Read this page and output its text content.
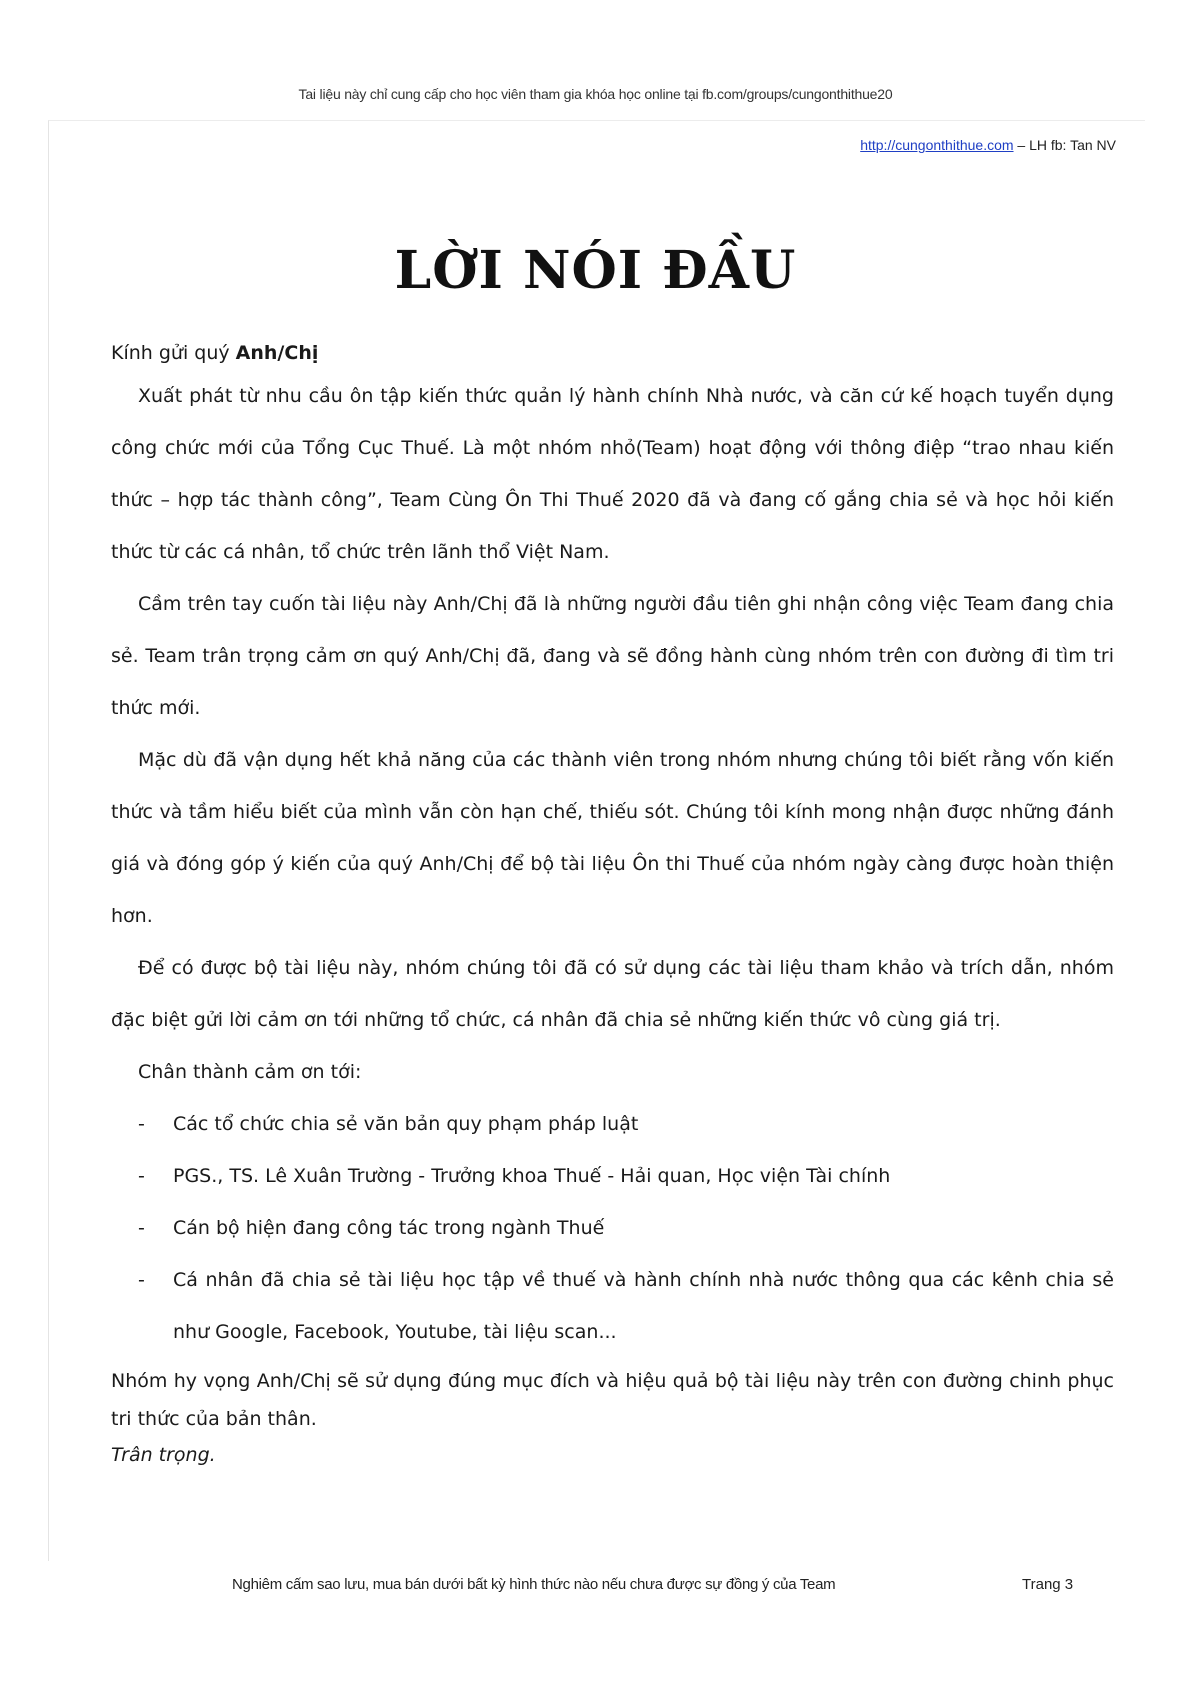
Tai liệu này chỉ cung cấp cho học viên tham gia khóa học online tại fb.com/groups/cungonthithue20
http://cungonthithue.com – LH fb: Tan NV
LỜI NÓI ĐẦU
Kính gửi quý Anh/Chị

Xuất phát từ nhu cầu ôn tập kiến thức quản lý hành chính Nhà nước, và căn cứ kế hoạch tuyển dụng công chức mới của Tổng Cục Thuế. Là một nhóm nhỏ(Team) hoạt động với thông điệp “trao nhau kiến thức – hợp tác thành công”, Team Cùng Ôn Thi Thuế 2020 đã và đang cố gắng chia sẻ và học hỏi kiến thức từ các cá nhân, tổ chức trên lãnh thổ Việt Nam.

Cầm trên tay cuốn tài liệu này Anh/Chị đã là những người đầu tiên ghi nhận công việc Team đang chia sẻ. Team trân trọng cảm ơn quý Anh/Chị đã, đang và sẽ đồng hành cùng nhóm trên con đường đi tìm tri thức mới.

Mặc dù đã vận dụng hết khả năng của các thành viên trong nhóm nhưng chúng tôi biết rằng vốn kiến thức và tầm hiểu biết của mình vẫn còn hạn chế, thiếu sót. Chúng tôi kính mong nhận được những đánh giá và đóng góp ý kiến của quý Anh/Chị để bộ tài liệu Ôn thi Thuế của nhóm ngày càng được hoàn thiện hơn.

Để có được bộ tài liệu này, nhóm chúng tôi đã có sử dụng các tài liệu tham khảo và trích dẫn, nhóm đặc biệt gửi lời cảm ơn tới những tổ chức, cá nhân đã chia sẻ những kiến thức vô cùng giá trị.

Chân thành cảm ơn tới:

- Các tổ chức chia sẻ văn bản quy phạm pháp luật
- PGS., TS. Lê Xuân Trường - Trưởng khoa Thuế - Hải quan, Học viện Tài chính
- Cán bộ hiện đang công tác trong ngành Thuế
- Cá nhân đã chia sẻ tài liệu học tập về thuế và hành chính nhà nước thông qua các kênh chia sẻ như Google, Facebook, Youtube, tài liệu scan...

Nhóm hy vọng Anh/Chị sẽ sử dụng đúng mục đích và hiệu quả bộ tài liệu này trên con đường chinh phục tri thức của bản thân.

Trân trọng.

Nghiêm cấm sao lưu, mua bán dưới bất kỳ hình thức nào nếu chưa được sự đồng ý của Team	Trang 3
